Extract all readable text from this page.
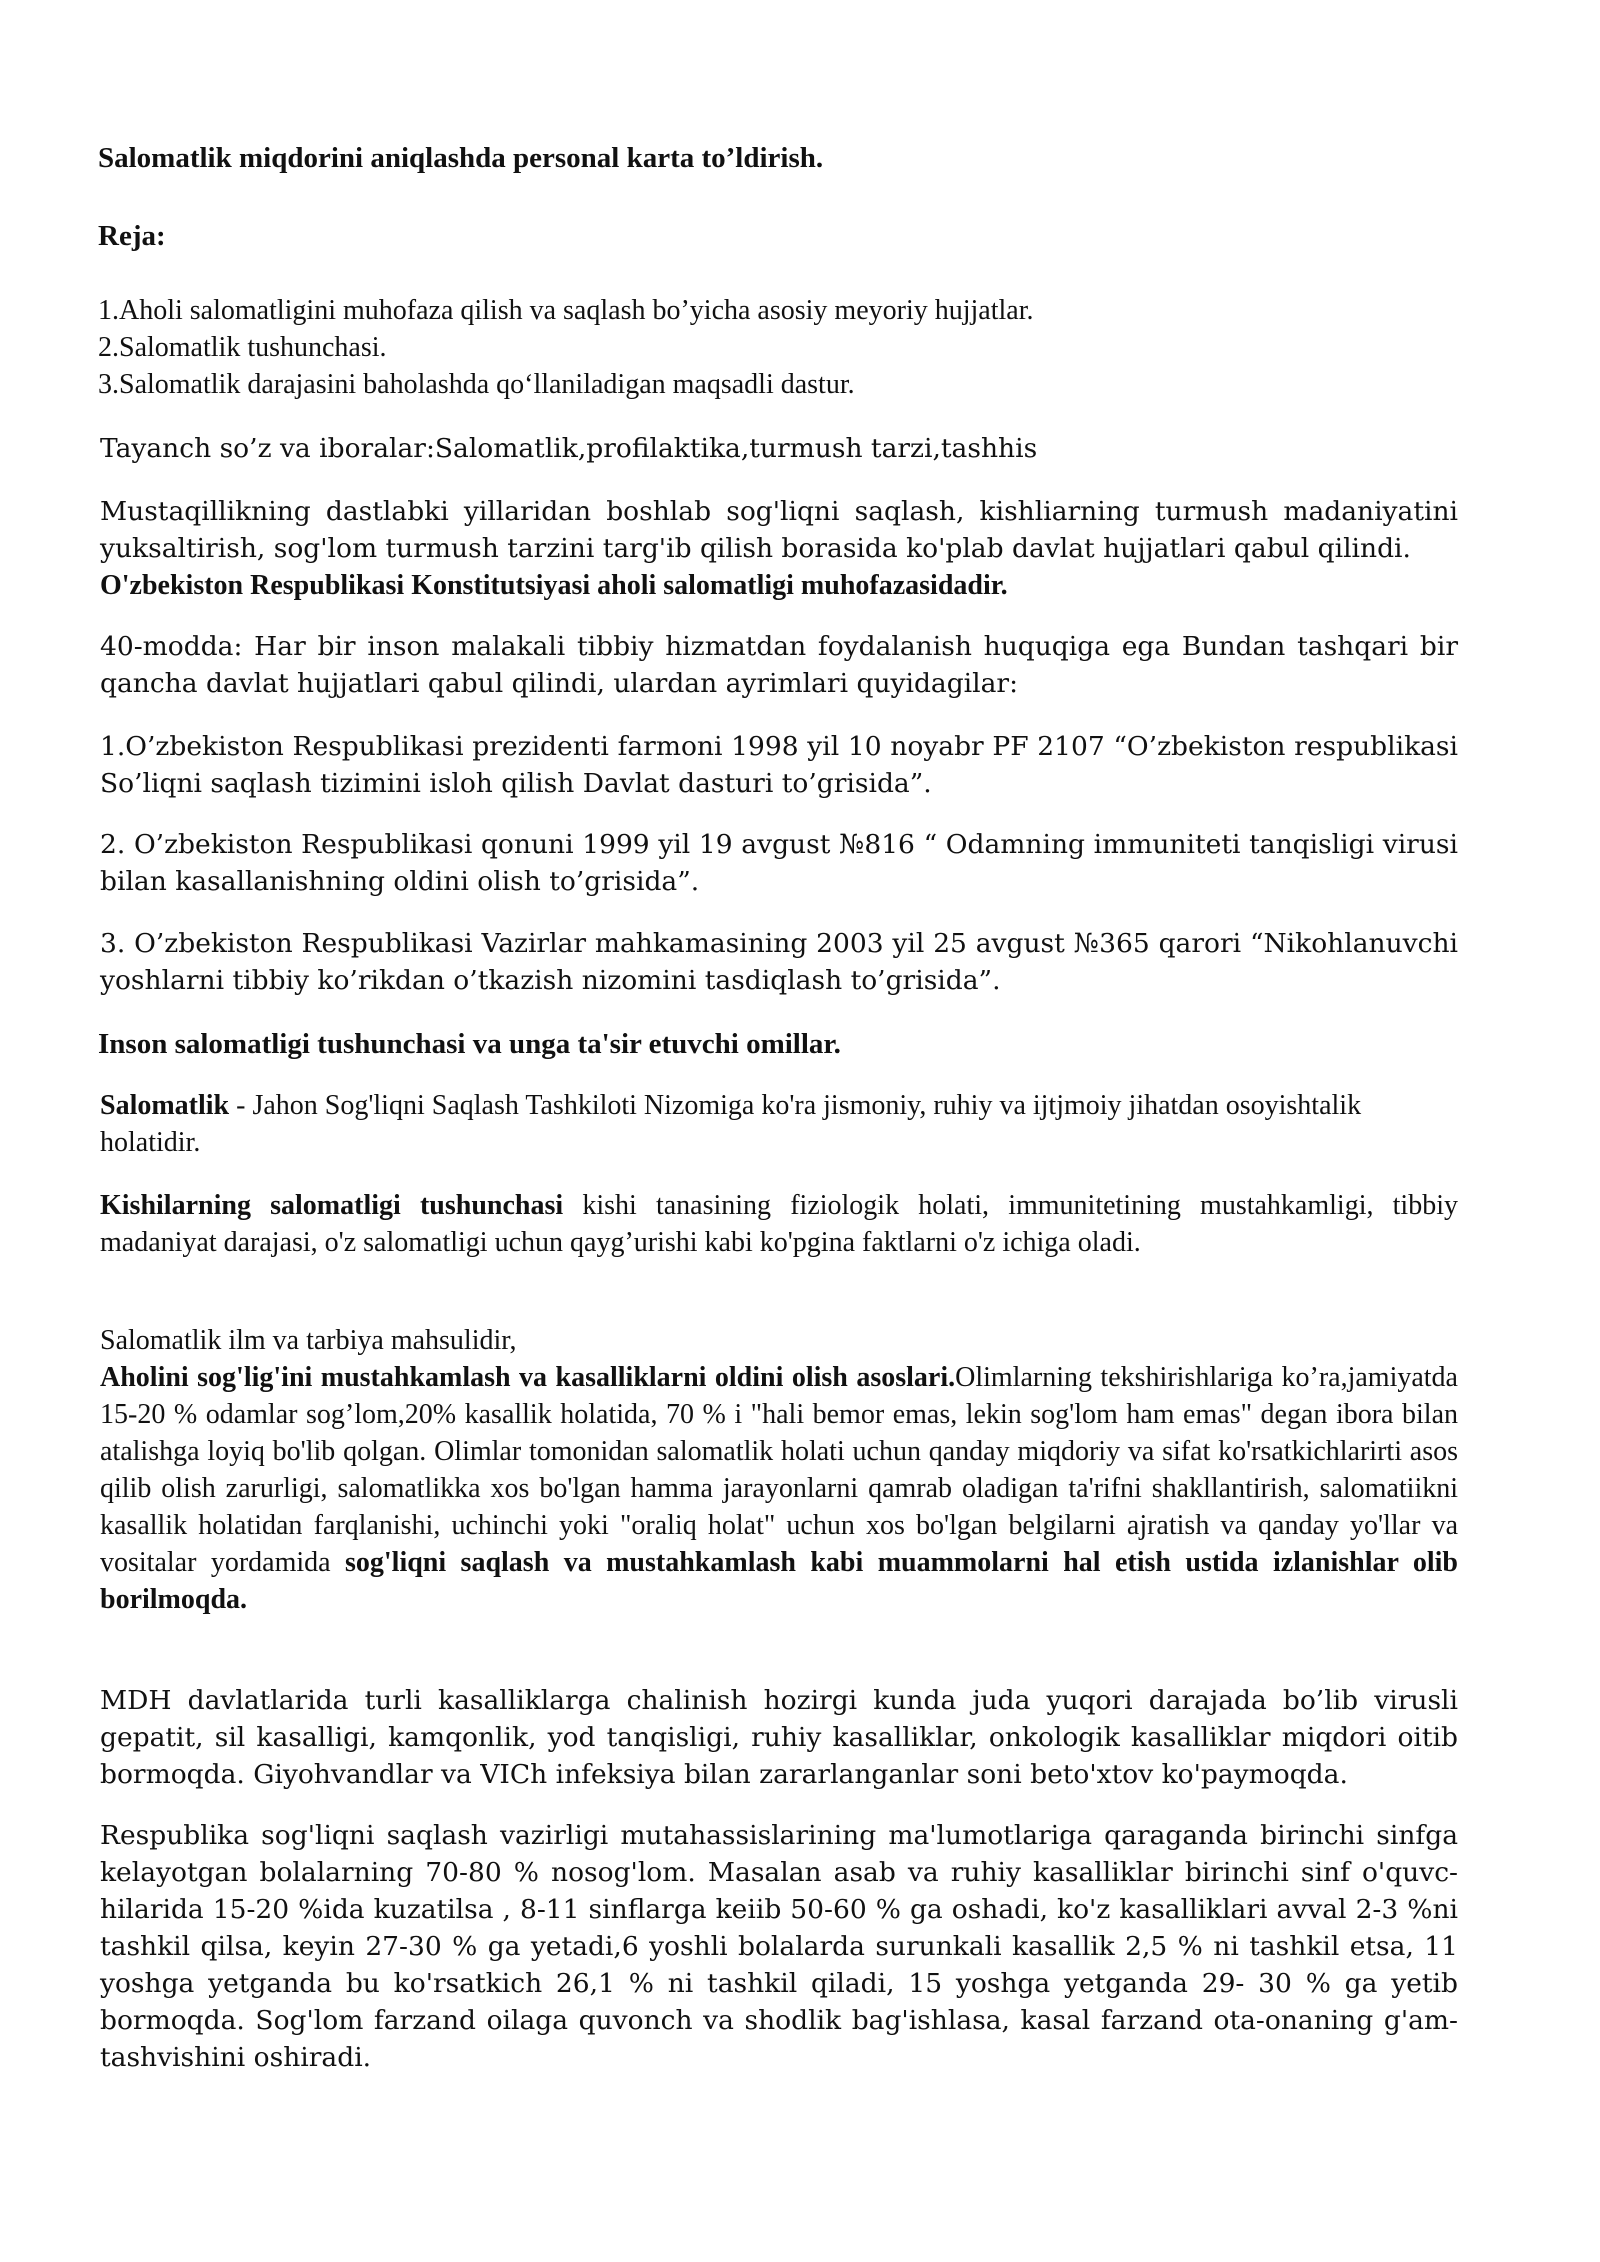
Salomatlik miqdorini aniqlashda personal karta to’ldirish.

Reja:

1.Aholi salomatligini muhofaza qilish va saqlash bo’yicha asosiy meyoriy hujjatlar.

2.Salomatlik tushunchasi.

3.Salomatlik darajasini baholashda qo‘llaniladigan maqsadli dastur.

Tayanch so’z va iboralar:Salomatlik,profilaktika,turmush tarzi,tashhis

Mustaqillikning dastlabki yillaridan boshlab sog'liqni saqlash, kishliarning turmush madaniyatini yuksaltirish, sog'lom turmush tarzini targ'ib qilish borasida ko'plab davlat hujjatlari qabul qilindi.
O'zbekiston Respublikasi Konstitutsiyasi aholi salomatligi muhofazasidadir.

40-modda: Har bir inson malakali tibbiy hizmatdan foydalanish huquqiga ega Bundan tashqari bir qancha davlat hujjatlari qabul qilindi, ulardan ayrimlari quyidagilar:

1.O’zbekiston Respublikasi prezidenti farmoni 1998 yil 10 noyabr PF 2107 “O’zbekiston respublikasi So’liqni saqlash tizimini isloh qilish Davlat dasturi to’grisida”.

2. O’zbekiston Respublikasi qonuni 1999 yil 19 avgust №816 “ Odamning immuniteti tanqisligi virusi bilan kasallanishning oldini olish to’grisida”.

3. O’zbekiston Respublikasi Vazirlar mahkamasining 2003 yil 25 avgust №365 qarori “Nikohlanuvchi yoshlarni tibbiy ko’rikdan o’tkazish nizomini tasdiqlash to’grisida”.

Inson salomatligi tushunchasi va unga ta'sir etuvchi omillar.

Salomatlik - Jahon Sog'liqni Saqlash Tashkiloti Nizomiga ko'ra jismoniy, ruhiy va ijtjmoiy jihatdan osoyishtalik holatidir.

Kishilarning salomatligi tushunchasi kishi tanasining fiziologik holati, immunitetining mustahkamligi, tibbiy madaniyat darajasi, o'z salomatligi uchun qayg’urishi kabi ko'pgina faktlarni o'z ichiga oladi.

Salomatlik ilm va tarbiya mahsulidir,

Aholini sog'lig'ini mustahkamlash va kasalliklarni oldini olish asoslari.Olimlarning tekshirishlariga ko’ra,jamiyatda 15-20 % odamlar sog’lom,20% kasallik holatida, 70 % i "hali bemor emas, lekin sog'lom ham emas" degan ibora bilan atalishga loyiq bo'lib qolgan. Olimlar tomonidan salomatlik holati uchun qanday miqdoriy va sifat ko'rsatkichlarirti asos qilib olish zarurligi, salomatlikka xos bo'lgan hamma jarayonlarni qamrab oladigan ta'rifni shakllantirish, salomatiikni kasallik holatidan farqlanishi, uchinchi yoki "oraliq holat" uchun xos bo'lgan belgilarni ajratish va qanday yo'llar va vositalar yordamida sog'liqni saqlash va mustahkamlash kabi muammolarni hal etish ustida izlanishlar olib borilmoqda.

MDH davlatlarida turli kasalliklarga chalinish hozirgi kunda juda yuqori darajada bo’lib virusli gepatit, sil kasalligi, kamqonlik, yod tanqisligi, ruhiy kasalliklar, onkologik kasalliklar miqdori oitib bormoqda. Giyohvandlar va VICh infeksiya bilan zararlanganlar soni beto'xtov ko'paymoqda.

Respublika sog'liqni saqlash vazirligi mutahassislarining ma'lumotlariga qaraganda birinchi sinfga kelayotgan bolalarning 70-80 % nosog'lom. Masalan asab va ruhiy kasalliklar birinchi sinf o'quvc-hilarida 15-20 %ida kuzatilsa , 8-11 sinflarga keiib 50-60 % ga oshadi, ko'z kasalliklari avval 2-3 %ni tashkil qilsa, keyin 27-30 % ga yetadi,6 yoshli bolalarda surunkali kasallik 2,5 % ni tashkil etsa, 11 yoshga yetganda bu ko'rsatkich 26,1 % ni tashkil qiladi, 15 yoshga yetganda 29- 30 % ga yetib bormoqda. Sog'lom farzand oilaga quvonch va shodlik bag'ishlasa, kasal farzand ota-onaning g'am-tashvishini oshiradi.
